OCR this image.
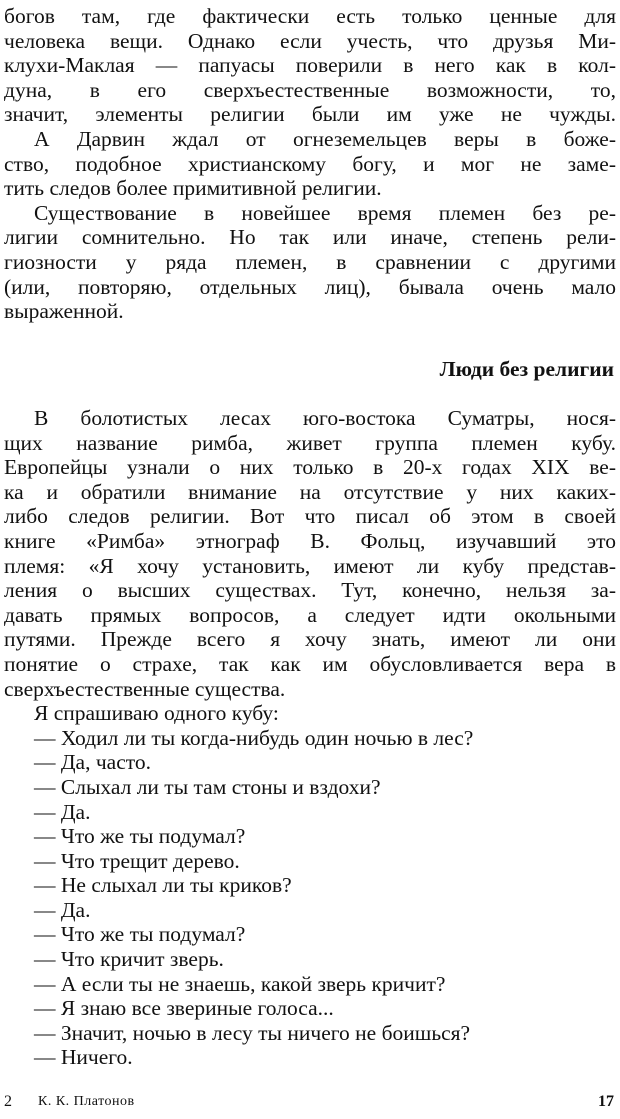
богов там, где фактически есть только ценные для
человека вещи. Однако если учесть, что друзья Ми-
клухи-Маклая — папуасы поверили в него как в кол-
дуна, в его сверхъестественные возможности, то,
значит, элементы религии были им уже не чужды.
А Дарвин ждал от огнеземельцев веры в боже-
ство, подобное христианскому богу, и мог не заме-
тить следов более примитивной религии.
Существование в новейшее время племен без ре-
лигии сомнительно. Но так или иначе, степень рели-
гиозности у ряда племен, в сравнении с другими
(или, повторяю, отдельных лиц), бывала очень мало
выраженной.
Люди без религии
В болотистых лесах юго-востока Суматры, нося-
щих название римба, живет группа племен кубу.
Европейцы узнали о них только в 20-х годах XIX ве-
ка и обратили внимание на отсутствие у них каких-
либо следов религии. Вот что писал об этом в своей
книге «Римба» этнограф В. Фольц, изучавший это
племя: «Я хочу установить, имеют ли кубу представ-
ления о высших существах. Тут, конечно, нельзя за-
давать прямых вопросов, а следует идти окольными
путями. Прежде всего я хочу знать, имеют ли они
понятие о страхе, так как им обусловливается вера в
сверхъестественные существа.
Я спрашиваю одного кубу:
— Ходил ли ты когда-нибудь один ночью в лес?
— Да, часто.
— Слыхал ли ты там стоны и вздохи?
— Да.
— Что же ты подумал?
— Что трещит дерево.
— Не слыхал ли ты криков?
— Да.
— Что же ты подумал?
— Что кричит зверь.
— А если ты не знаешь, какой зверь кричит?
— Я знаю все звериные голоса...
— Значит, ночью в лесу ты ничего не боишься?
— Ничего.
2 К. К. Платонов	17
